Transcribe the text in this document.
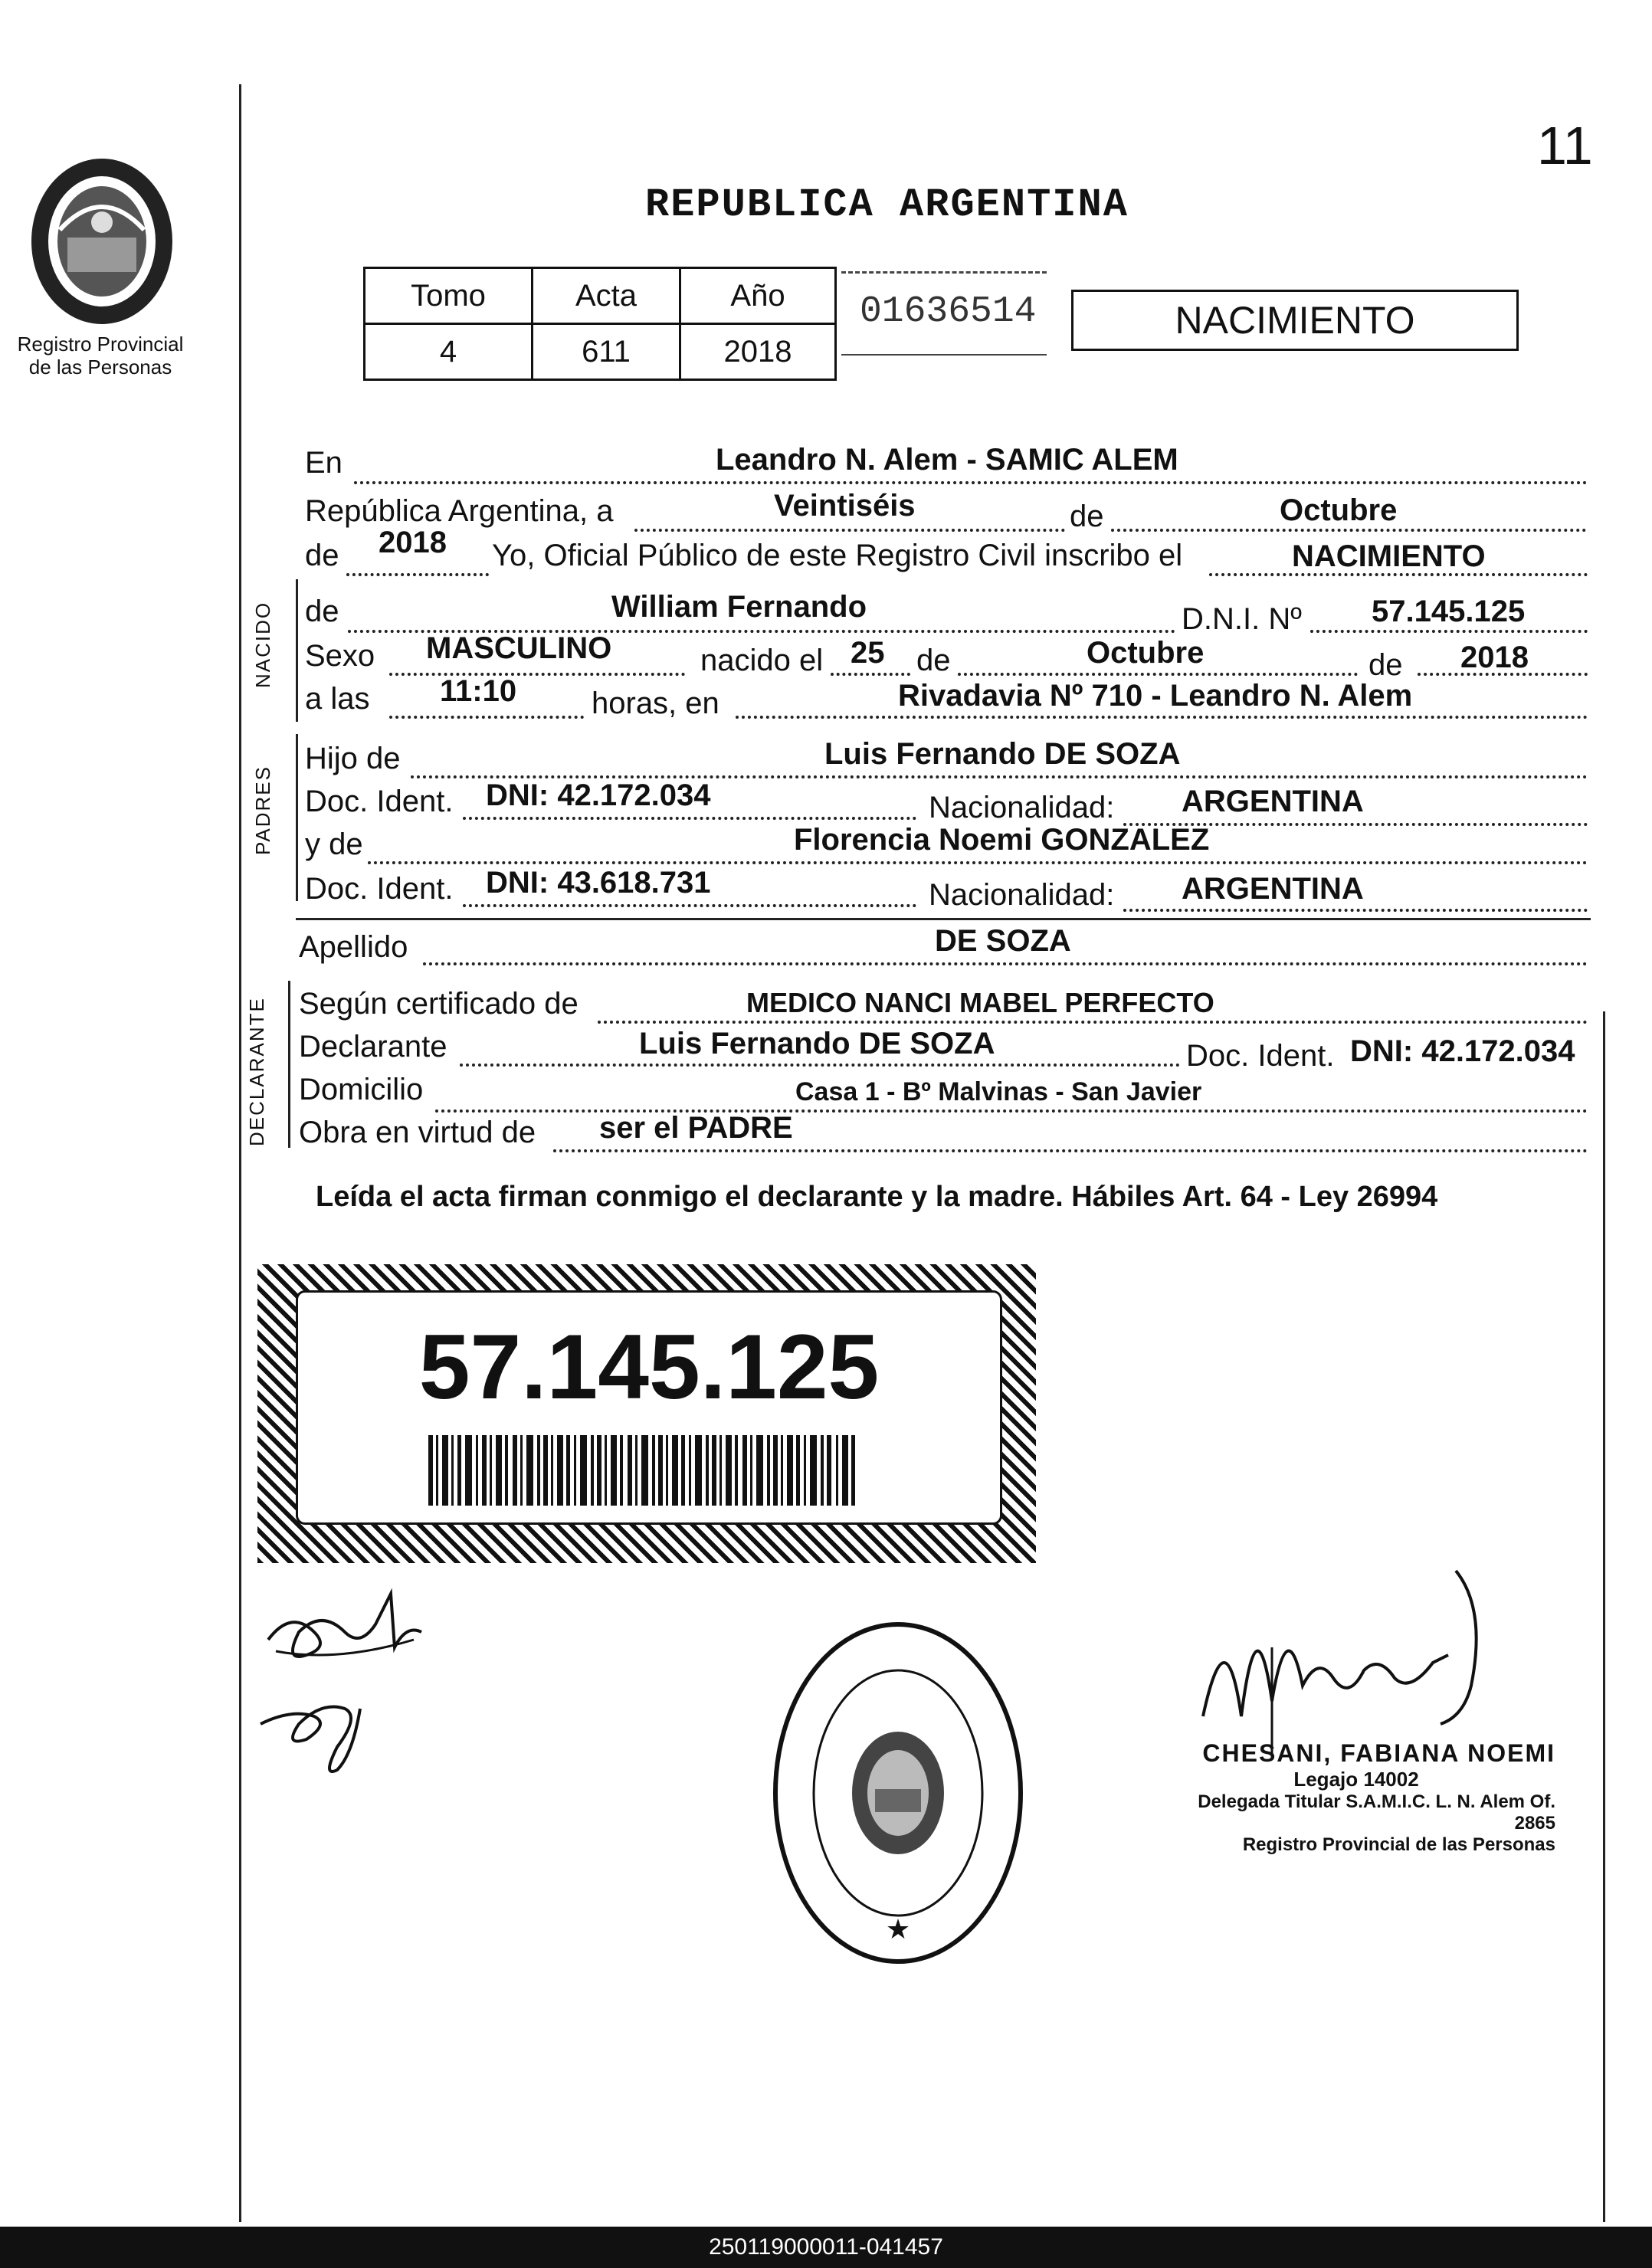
11
Registro Provincial
de las Personas
REPUBLICA ARGENTINA
Tomo	Acta	Año
4	611	2018
01636514	NACIMIENTO
En	Leandro N. Alem - SAMIC ALEM
República Argentina, a	Veintiséis	de	Octubre
de 2018 Yo, Oficial Público de este Registro Civil inscribo el	NACIMIENTO
NACIDO de	William Fernando	D.N.I. Nº 57.145.125
Sexo MASCULINO	nacido el 25 de	Octubre	de 2018
a las 11:10 horas, en	Rivadavia Nº 710 - Leandro N. Alem
PADRES
Hijo de	Luis Fernando DE SOZA
Doc. Ident. DNI: 42.172.034	Nacionalidad: ARGENTINA
y de	Florencia Noemi GONZALEZ
Doc. Ident. DNI: 43.618.731	Nacionalidad: ARGENTINA
Apellido	DE SOZA
DECLARANTE Según certificado de	MEDICO NANCI MABEL PERFECTO
Declarante	Luis Fernando DE SOZA	Doc. Ident. DNI: 42.172.034
Domicilio	Casa 1 - Bº Malvinas - San Javier
Obra en virtud de ser el PADRE
Leída el acta firman conmigo el declarante y la madre. Hábiles Art. 64 - Ley 26994
57.145.125
★
CHESANI, FABIANA NOEMI
Legajo 14002
Delegada Titular S.A.M.I.C. L. N. Alem Of. 2865
Registro Provincial de las Personas
250119000011-041457
